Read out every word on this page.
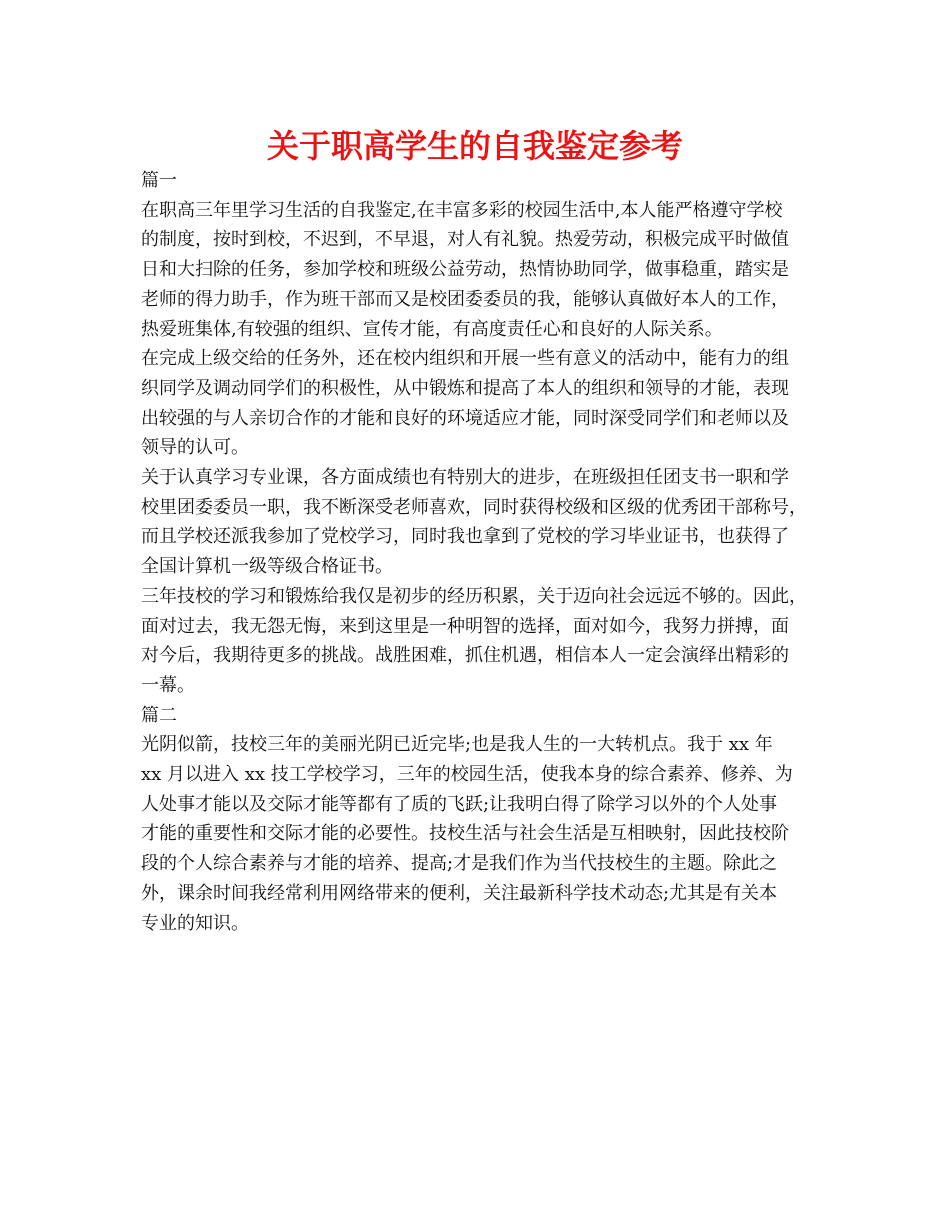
关于职高学生的自我鉴定参考
篇一
在职高三年里学习生活的自我鉴定,在丰富多彩的校园生活中,本人能严格遵守学校
的制度，按时到校，不迟到，不早退，对人有礼貌。热爱劳动，积极完成平时做值
日和大扫除的任务，参加学校和班级公益劳动，热情协助同学，做事稳重，踏实是
老师的得力助手，作为班干部而又是校团委委员的我，能够认真做好本人的工作，
热爱班集体,有较强的组织、宣传才能，有高度责任心和良好的人际关系。
在完成上级交给的任务外，还在校内组织和开展一些有意义的活动中，能有力的组
织同学及调动同学们的积极性，从中锻炼和提高了本人的组织和领导的才能，表现
出较强的与人亲切合作的才能和良好的环境适应才能，同时深受同学们和老师以及
领导的认可。
关于认真学习专业课，各方面成绩也有特别大的进步，在班级担任团支书一职和学
校里团委委员一职，我不断深受老师喜欢，同时获得校级和区级的优秀团干部称号，
而且学校还派我参加了党校学习，同时我也拿到了党校的学习毕业证书，也获得了
全国计算机一级等级合格证书。
三年技校的学习和锻炼给我仅是初步的经历积累，关于迈向社会远远不够的。因此，
面对过去，我无怨无悔，来到这里是一种明智的选择，面对如今，我努力拼搏，面
对今后，我期待更多的挑战。战胜困难，抓住机遇，相信本人一定会演绎出精彩的
一幕。
篇二
光阴似箭，技校三年的美丽光阴已近完毕;也是我人生的一大转机点。我于 xx 年
xx 月以进入 xx 技工学校学习，三年的校园生活，使我本身的综合素养、修养、为
人处事才能以及交际才能等都有了质的飞跃;让我明白得了除学习以外的个人处事
才能的重要性和交际才能的必要性。技校生活与社会生活是互相映射，因此技校阶
段的个人综合素养与才能的培养、提高;才是我们作为当代技校生的主题。除此之
外，课余时间我经常利用网络带来的便利，关注最新科学技术动态;尤其是有关本
专业的知识。
